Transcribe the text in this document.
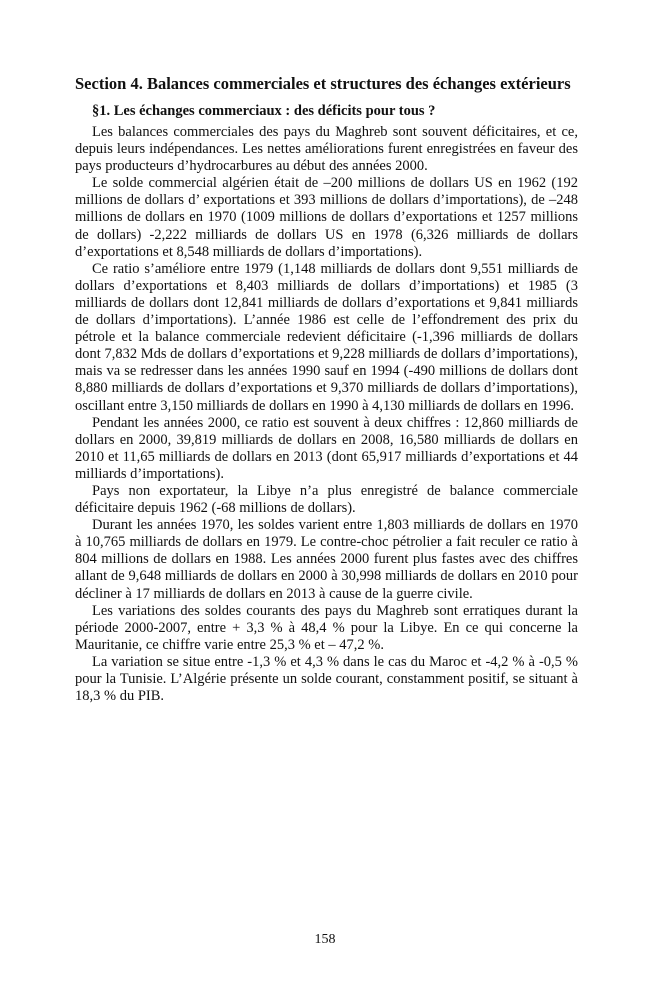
Section 4. Balances commerciales et structures des échanges extérieurs
§1. Les échanges commerciaux : des déficits pour tous ?

Les balances commerciales des pays du Maghreb sont souvent déficitaires, et ce, depuis leurs indépendances. Les nettes améliorations furent enregistrées en faveur des pays producteurs d’hydrocarbures au début des années 2000.

Le solde commercial algérien était de –200 millions de dollars US en 1962 (192 millions de dollars d’ exportations et 393 millions de dollars d’importations), de –248 millions de dollars en 1970 (1009 millions de dollars d’exportations et 1257 millions de dollars) -2,222 milliards de dollars US en 1978 (6,326 milliards de dollars d’exportations et 8,548 milliards de dollars d’importations).

Ce ratio s’améliore entre 1979 (1,148 milliards de dollars dont 9,551 milliards de dollars d’exportations et 8,403 milliards de dollars d’importations) et 1985 (3 milliards de dollars dont 12,841 milliards de dollars d’exportations et 9,841 milliards de dollars d’importations). L’année 1986 est celle de l’effondrement des prix du pétrole et la balance commerciale redevient déficitaire (-1,396 milliards de dollars dont 7,832 Mds de dollars d’exportations et 9,228 milliards de dollars d’importations), mais va se redresser dans les années 1990 sauf en 1994 (-490 millions de dollars dont 8,880 milliards de dollars d’exportations et 9,370 milliards de dollars d’importations), oscillant entre 3,150 milliards de dollars en 1990 à 4,130 milliards de dollars en 1996.

Pendant les années 2000, ce ratio est souvent à deux chiffres : 12,860 milliards de dollars en 2000, 39,819 milliards de dollars en 2008, 16,580 milliards de dollars en 2010 et 11,65 milliards de dollars en 2013 (dont 65,917 milliards d’exportations et 44 milliards d’importations).

Pays non exportateur, la Libye n’a plus enregistré de balance commerciale déficitaire depuis 1962 (-68 millions de dollars).

Durant les années 1970, les soldes varient entre 1,803 milliards de dollars en 1970 à 10,765 milliards de dollars en 1979. Le contre-choc pétrolier a fait reculer ce ratio à 804 millions de dollars en 1988. Les années 2000 furent plus fastes avec des chiffres allant de 9,648 milliards de dollars en 2000 à 30,998 milliards de dollars en 2010 pour décliner à 17 milliards de dollars en 2013 à cause de la guerre civile.

Les variations des soldes courants des pays du Maghreb sont erratiques durant la période 2000-2007, entre + 3,3 % à 48,4 % pour la Libye. En ce qui concerne la Mauritanie, ce chiffre varie entre 25,3 % et – 47,2 %.

La variation se situe entre -1,3 % et 4,3 % dans le cas du Maroc et -4,2 % à -0,5 % pour la Tunisie. L’Algérie présente un solde courant, constamment positif, se situant à 18,3 % du PIB.

158
